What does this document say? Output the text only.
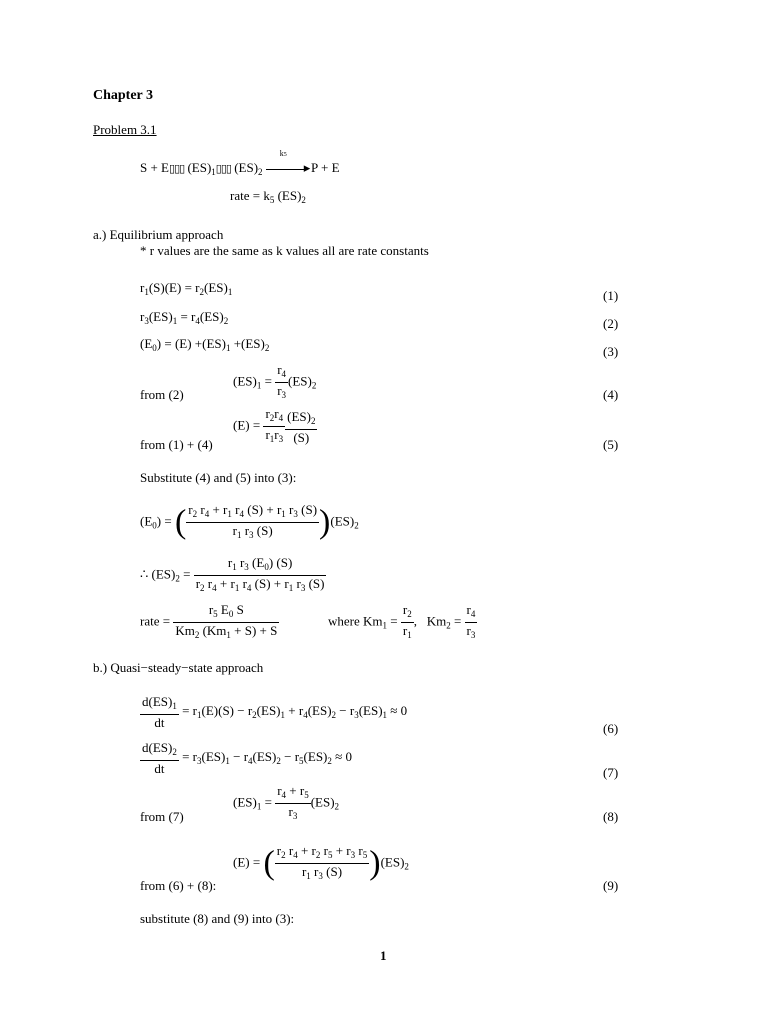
Chapter 3
Problem 3.1
S + E▯▯▯ $(ES)_1▯▯▯$ $(ES)_2$
k5
▸ P + E
rate = $k_5$ $(ES)_2$
a.) Equilibrium approach
* r values are the same as k values all are rate constants
$r_1(S)(E) = r_2(ES)_1$	(1)
$r_3(ES)_1 = r_4(ES)_2$	(2)
$(E_0) = (E) +(ES)_1 +(ES)_2$	(3)
$(ES)_1 = \frac{r_4}{r_3} (ES)_2$
from (2)	(4)
$(E) = \frac{r_2r_4}{r_1r_3} \frac{(ES)_2}{(S)}$
from (1) + (4)	(5)
Substitute (4) and (5) into (3):
$(E_0)$ = ( $\frac{r_2 r_4 + r_1 r_4 (S) + r_1 r_3 (S)}{r_1 r_3 (S)} )(ES)_2$
∴ $(ES)_2 = \frac{r_1 r_3 (E_0) (S)}{r_2 r_4 + r_1 r_4 (S) + r_1 r_3 (S)}$
rate = $\frac{r_5 E_0 S}{Km_2 (Km_1 + S) + S}$	where $Km_1 = \frac{r_2}{r_1}$ ,   $Km_2 = \frac{r_4}{r_3}$
b.) Quasi−steady−state approach
$\frac{d(ES)_1}{dt} = r_1(E)(S) - r_2(ES)_1 + r_4(ES)_2 - r_3(ES)_1 \approx 0$
(6)
$\frac{d(ES)_2}{dt} = r_3(ES)_1 - r_4(ES)_2 - r_5(ES)_2 \approx 0$
(7)
$(ES)_1 = \frac{r_4 + r_5}{r_3} (ES)_2$
from (7)	(8)
(E) = ( $\frac{r_2 r_4 + r_2 r_5 + r_3 r_5}{r_1 r_3 (S)} )(ES)_2$
from (6) + (8):	(9)
substitute (8) and (9) into (3):
1
